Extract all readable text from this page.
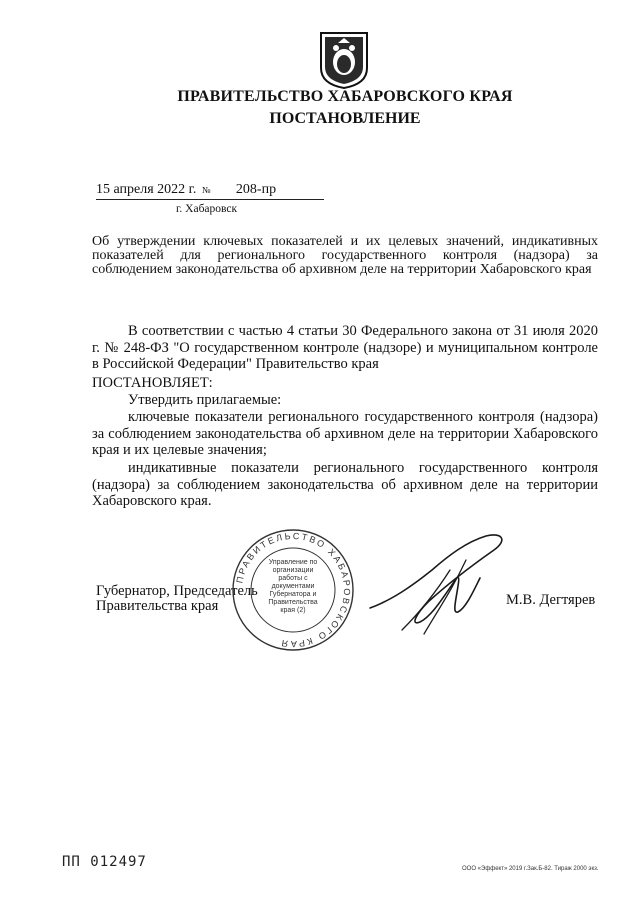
ПРАВИТЕЛЬСТВО ХАБАРОВСКОГО КРАЯ
ПОСТАНОВЛЕНИЕ
15 апреля 2022 г. № 208-пр
г. Хабаровск
Об утверждении ключевых показателей и их целевых значений, индикативных показателей для регионального государственного контроля (надзора) за соблюдением законодательства об архивном деле на территории Хабаровского края
В соответствии с частью 4 статьи 30 Федерального закона от 31 июля 2020 г. № 248-ФЗ "О государственном контроле (надзоре) и муниципальном контроле в Российской Федерации" Правительство края
ПОСТАНОВЛЯЕТ:
Утвердить прилагаемые:
ключевые показатели регионального государственного контроля (надзора) за соблюдением законодательства об архивном деле на территории Хабаровского края и их целевые значения;
индикативные показатели регионального государственного контроля (надзора) за соблюдением законодательства об архивном деле на территории Хабаровского края.
Губернатор, Председатель
Правительства края
ПРАВИТЕЛЬСТВО ХАБАРОВСКОГО КРАЯ
Управление по организации работы с документами Губернатора и Правительства края (2)
М.В. Дегтярев
ПП 012497	ООО «Эффект» 2019 г.Зак.Б-82. Тираж 2000 экз.
